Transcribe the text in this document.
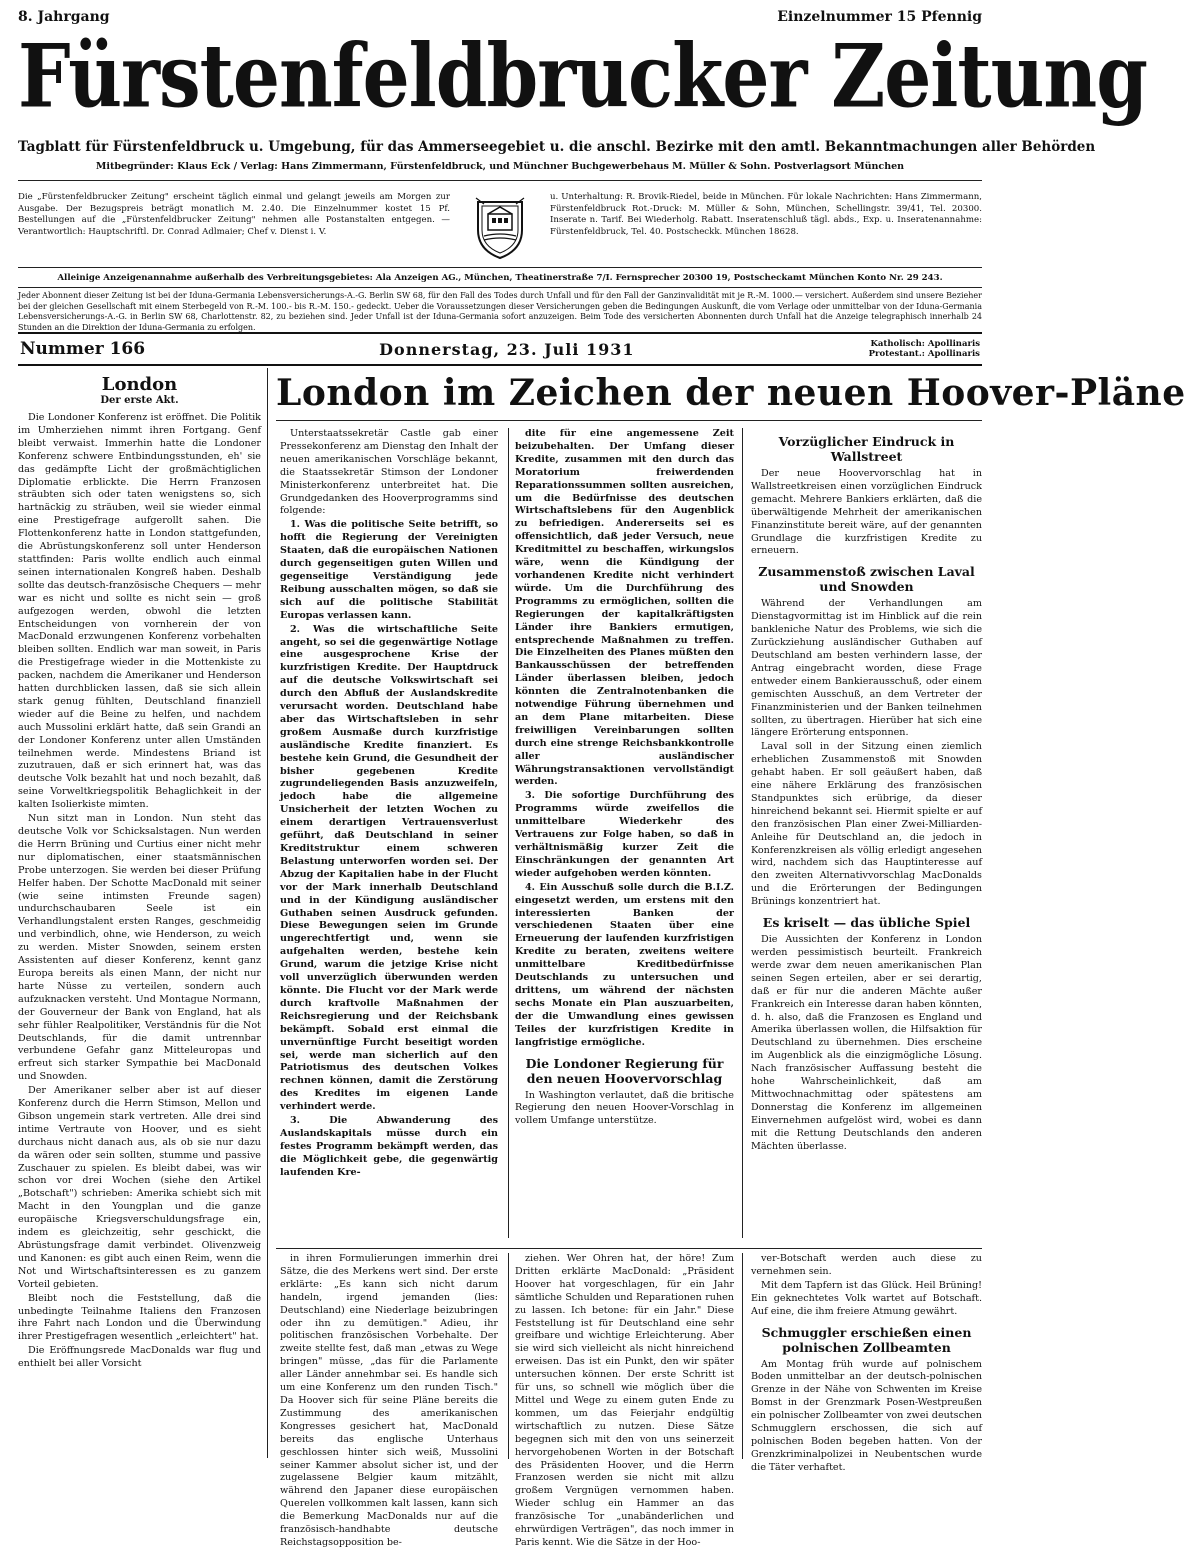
8. Jahrgang	Einzelnummer 15 Pfennig
Fürstenfeldbrucker Zeitung
Tagblatt für Fürstenfeldbruck u. Umgebung, für das Ammerseegebiet u. die anschl. Bezirke mit den amtl. Bekanntmachungen aller Behörden
Mitbegründer: Klaus Eck / Verlag: Hans Zimmermann, Fürstenfeldbruck, und Münchner Buchgewerbehaus M. Müller & Sohn. Postverlagsort München
Die „Fürstenfeldbrucker Zeitung" erscheint täglich einmal und gelangt jeweils am Morgen zur Ausgabe. Der Bezugspreis beträgt monatlich M. 2.40. Die Einzelnummer kostet 15 Pf. Bestellungen auf die „Fürstenfeldbrucker Zeitung" nehmen alle Postanstalten entgegen. — Verantwortlich: Hauptschriftl. Dr. Conrad Adlmaier; Chef v. Dienst i. V.
u. Unterhaltung: R. Brovik-Riedel, beide in München. Für lokale Nachrichten: Hans Zimmermann, Fürstenfeldbruck Rot.-Druck: M. Müller & Sohn, München, Schellingstr. 39/41, Tel. 20300. Inserate n. Tarif. Bei Wiederholg. Rabatt. Inseratenschluß tägl. abds., Exp. u. Inseratenannahme: Fürstenfeldbruck, Tel. 40. Postscheckk. München 18628.
Alleinige Anzeigenannahme außerhalb des Verbreitungsgebietes: Ala Anzeigen AG., München, Theatinerstraße 7/I. Fernsprecher 20300 19, Postscheckamt München Konto Nr. 29 243.
Jeder Abonnent dieser Zeitung ist bei der Iduna-Germania Lebensversicherungs-A.-G. Berlin SW 68, für den Fall des Todes durch Unfall und für den Fall der Ganzinvalidität mit je R.-M. 1000.— versichert. Außerdem sind unsere Bezieher bei der gleichen Gesellschaft mit einem Sterbegeld von R.-M. 100.- bis R.-M. 150.- gedeckt. Ueber die Voraussetzungen dieser Versicherungen geben die Bedingungen Auskunft, die vom Verlage oder unmittelbar von der Iduna-Germania Lebensversicherungs-A.-G. in Berlin SW 68, Charlottenstr. 82, zu beziehen sind. Jeder Unfall ist der Iduna-Germania sofort anzuzeigen. Beim Tode des versicherten Abonnenten durch Unfall hat die Anzeige telegraphisch innerhalb 24 Stunden an die Direktion der Iduna-Germania zu erfolgen.
Nummer 166	Donnerstag, 23. Juli 1931	Katholisch: Apollinaris
Protestant.: Apollinaris
London
Der erste Akt.

Die Londoner Konferenz ist eröffnet. Die Politik im Umherziehen nimmt ihren Fortgang. Genf bleibt verwaist. Immerhin hatte die Londoner Konferenz schwere Entbindungsstunden, eh' sie das gedämpfte Licht der großmächtiglichen Diplomatie erblickte. Die Herrn Franzosen sträubten sich oder taten wenigstens so, sich hartnäckig zu sträuben, weil sie wieder einmal eine Prestigefrage aufgerollt sahen. Die Flottenkonferenz hatte in London stattgefunden, die Abrüstungskonferenz soll unter Henderson stattfinden: Paris wollte endlich auch einmal seinen internationalen Kongreß haben. Deshalb sollte das deutsch-französische Chequers — mehr war es nicht und sollte es nicht sein — groß aufgezogen werden, obwohl die letzten Entscheidungen von vornherein der von MacDonald erzwungenen Konferenz vorbehalten bleiben sollten. Endlich war man soweit, in Paris die Prestigefrage wieder in die Mottenkiste zu packen, nachdem die Amerikaner und Henderson hatten durchblicken lassen, daß sie sich allein stark genug fühlten, Deutschland finanziell wieder auf die Beine zu helfen, und nachdem auch Mussolini erklärt hatte, daß sein Grandi an der Londoner Konferenz unter allen Umständen teilnehmen werde. Mindestens Briand ist zuzutrauen, daß er sich erinnert hat, was das deutsche Volk bezahlt hat und noch bezahlt, daß seine Vorweltkriegspolitik Behaglichkeit in der kalten Isolierkiste mimten.

Nun sitzt man in London. Nun steht das deutsche Volk vor Schicksalstagen. Nun werden die Herrn Brüning und Curtius einer nicht mehr nur diplomatischen, einer staatsmännischen Probe unterzogen. Sie werden bei dieser Prüfung Helfer haben. Der Schotte MacDonald mit seiner (wie seine intimsten Freunde sagen) undurchschaubaren Seele ist ein Verhandlungstalent ersten Ranges, geschmeidig und verbindlich, ohne, wie Henderson, zu weich zu werden. Mister Snowden, seinem ersten Assistenten auf dieser Konferenz, kennt ganz Europa bereits als einen Mann, der nicht nur harte Nüsse zu verteilen, sondern auch aufzuknacken versteht. Und Montague Normann, der Gouverneur der Bank von England, hat als sehr fühler Realpolitiker, Verständnis für die Not Deutschlands, für die damit untrennbar verbundene Gefahr ganz Mitteleuropas und erfreut sich starker Sympathie bei MacDonald und Snowden.

Der Amerikaner selber aber ist auf dieser Konferenz durch die Herrn Stimson, Mellon und Gibson ungemein stark vertreten. Alle drei sind intime Vertraute von Hoover, und es sieht durchaus nicht danach aus, als ob sie nur dazu da wären oder sein sollten, stumme und passive Zuschauer zu spielen. Es bleibt dabei, was wir schon vor drei Wochen (siehe den Artikel „Botschaft") schrieben: Amerika schiebt sich mit Macht in den Youngplan und die ganze europäische Kriegsverschuldungsfrage ein, indem es gleichzeitig, sehr geschickt, die Abrüstungsfrage damit verbindet. Olivenzweig und Kanonen: es gibt auch einen Reim, wenn die Not und Wirtschaftsinteressen es zu ganzem Vorteil gebieten.

Bleibt noch die Feststellung, daß die unbedingte Teilnahme Italiens den Franzosen ihre Fahrt nach London und die Überwindung ihrer Prestigefragen wesentlich „erleichtert" hat.

Die Eröffnungsrede MacDonalds war flug und enthielt bei aller Vorsicht

London im Zeichen der neuen Hoover-Pläne

Unterstaatssekretär Castle gab einer Pressekonferenz am Dienstag den Inhalt der neuen amerikanischen Vorschläge bekannt, die Staatssekretär Stimson der Londoner Ministerkonferenz unterbreitet hat. Die Grundgedanken des Hooverprogramms sind folgende:

1. Was die politische Seite betrifft, so hofft die Regierung der Vereinigten Staaten, daß die europäischen Nationen durch gegenseitigen guten Willen und gegenseitige Verständigung jede Reibung ausschalten mögen, so daß sie sich auf die politische Stabilität Europas verlassen kann.

2. Was die wirtschaftliche Seite angeht, so sei die gegenwärtige Notlage eine ausgesprochene Krise der kurzfristigen Kredite. Der Hauptdruck auf die deutsche Volkswirtschaft sei durch den Abfluß der Auslandskredite verursacht worden. Deutschland habe aber das Wirtschaftsleben in sehr großem Ausmaße durch kurzfristige ausländische Kredite finanziert. Es bestehe kein Grund, die Gesundheit der bisher gegebenen Kredite zugrundeliegenden Basis anzuzweifeln, jedoch habe die allgemeine Unsicherheit der letzten Wochen zu einem derartigen Vertrauensverlust geführt, daß Deutschland in seiner Kreditstruktur einem schweren Belastung unterworfen worden sei. Der Abzug der Kapitalien habe in der Flucht vor der Mark innerhalb Deutschland und in der Kündigung ausländischer Guthaben seinen Ausdruck gefunden. Diese Bewegungen seien im Grunde ungerechtfertigt und, wenn sie aufgehalten werden, bestehe kein Grund, warum die jetzige Krise nicht voll unverzüglich überwunden werden könnte. Die Flucht vor der Mark werde durch kraftvolle Maßnahmen der Reichsregierung und der Reichsbank bekämpft. Sobald erst einmal die unvernünftige Furcht beseitigt worden sei, werde man sicherlich auf den Patriotismus des deutschen Volkes rechnen können, damit die Zerstörung des Kredites im eigenen Lande verhindert werde.

3. Die Abwanderung des Auslandskapitals müsse durch ein festes Programm bekämpft werden, das die Möglichkeit gebe, die gegenwärtig laufenden Kre-

dite für eine angemessene Zeit beizubehalten. Der Umfang dieser Kredite, zusammen mit den durch das Moratorium freiwerdenden Reparationssummen sollten ausreichen, um die Bedürfnisse des deutschen Wirtschaftslebens für den Augenblick zu befriedigen. Andererseits sei es offensichtlich, daß jeder Versuch, neue Kreditmittel zu beschaffen, wirkungslos wäre, wenn die Kündigung der vorhandenen Kredite nicht verhindert würde. Um die Durchführung des Programms zu ermöglichen, sollten die Regierungen der kapitalkräftigsten Länder ihre Bankiers ermutigen, entsprechende Maßnahmen zu treffen. Die Einzelheiten des Planes müßten den Bankausschüssen der betreffenden Länder überlassen bleiben, jedoch könnten die Zentralnotenbanken die notwendige Führung übernehmen und an dem Plane mitarbeiten. Diese freiwilligen Vereinbarungen sollten durch eine strenge Reichsbankkontrolle aller ausländischer Währungstransaktionen vervollständigt werden.

3. Die sofortige Durchführung des Programms würde zweifellos die unmittelbare Wiederkehr des Vertrauens zur Folge haben, so daß in verhältnismäßig kurzer Zeit die Einschränkungen der genannten Art wieder aufgehoben werden könnten.

4. Ein Ausschuß solle durch die B.I.Z. eingesetzt werden, um erstens mit den interessierten Banken der verschiedenen Staaten über eine Erneuerung der laufenden kurzfristigen Kredite zu beraten, zweitens weitere unmittelbare Kreditbedürfnisse Deutschlands zu untersuchen und drittens, um während der nächsten sechs Monate ein Plan auszuarbeiten, der die Umwandlung eines gewissen Teiles der kurzfristigen Kredite in langfristige ermögliche.

Die Londoner Regierung für den neuen Hoovervorschlag

In Washington verlautet, daß die britische Regierung den neuen Hoover-Vorschlag in vollem Umfange unterstütze.

Vorzüglicher Eindruck in Wallstreet

Der neue Hoovervorschlag hat in Wallstreetkreisen einen vorzüglichen Eindruck gemacht. Mehrere Bankiers erklärten, daß die überwältigende Mehrheit der amerikanischen Finanzinstitute bereit wäre, auf der genannten Grundlage die kurzfristigen Kredite zu erneuern.

Zusammenstoß zwischen Laval und Snowden

Während der Verhandlungen am Dienstagvormittag ist im Hinblick auf die rein bankleniche Natur des Problems, wie sich die Zurückziehung ausländischer Guthaben auf Deutschland am besten verhindern lasse, der Antrag eingebracht worden, diese Frage entweder einem Bankierausschuß, oder einem gemischten Ausschuß, an dem Vertreter der Finanzministerien und der Banken teilnehmen sollten, zu übertragen. Hierüber hat sich eine längere Erörterung entsponnen.

Laval soll in der Sitzung einen ziemlich erheblichen Zusammenstoß mit Snowden gehabt haben. Er soll geäußert haben, daß eine nähere Erklärung des französischen Standpunktes sich erübrige, da dieser hinreichend bekannt sei. Hiermit spielte er auf den französischen Plan einer Zwei-Milliarden-Anleihe für Deutschland an, die jedoch in Konferenzkreisen als völlig erledigt angesehen wird, nachdem sich das Hauptinteresse auf den zweiten Alternativvorschlag MacDonalds und die Erörterungen der Bedingungen Brünings konzentriert hat.

Es kriselt — das übliche Spiel

Die Aussichten der Konferenz in London werden pessimistisch beurteilt. Frankreich werde zwar dem neuen amerikanischen Plan seinen Segen erteilen, aber er sei derartig, daß er für nur die anderen Mächte außer Frankreich ein Interesse daran haben könnten, d. h. also, daß die Franzosen es England und Amerika überlassen wollen, die Hilfsaktion für Deutschland zu übernehmen. Dies erscheine im Augenblick als die einzigmögliche Lösung. Nach französischer Auffassung besteht die hohe Wahrscheinlichkeit, daß am Mittwochnachmittag oder spätestens am Donnerstag die Konferenz im allgemeinen Einvernehmen aufgelöst wird, wobei es dann mit die Rettung Deutschlands den anderen Mächten überlasse.

in ihren Formulierungen immerhin drei Sätze, die des Merkens wert sind. Der erste erklärte: „Es kann sich nicht darum handeln, irgend jemanden (lies: Deutschland) eine Niederlage beizubringen oder ihn zu demütigen." Adieu, ihr politischen französischen Vorbehalte. Der zweite stellte fest, daß man „etwas zu Wege bringen" müsse, „das für die Parlamente aller Länder annehmbar sei. Es handle sich um eine Konferenz um den runden Tisch." Da Hoover sich für seine Pläne bereits die Zustimmung des amerikanischen Kongresses gesichert hat, MacDonald bereits das englische Unterhaus geschlossen hinter sich weiß, Mussolini seiner Kammer absolut sicher ist, und der zugelassene Belgier kaum mitzählt, während den Japaner diese europäischen Querelen vollkommen kalt lassen, kann sich die Bemerkung MacDonalds nur auf die französisch-handhabte deutsche Reichstagsopposition be-

ziehen. Wer Ohren hat, der höre! Zum Dritten erklärte MacDonald: „Präsident Hoover hat vorgeschlagen, für ein Jahr sämtliche Schulden und Reparationen ruhen zu lassen. Ich betone: für ein Jahr." Diese Feststellung ist für Deutschland eine sehr greifbare und wichtige Erleichterung. Aber sie wird sich vielleicht als nicht hinreichend erweisen. Das ist ein Punkt, den wir später untersuchen können. Der erste Schritt ist für uns, so schnell wie möglich über die Mittel und Wege zu einem guten Ende zu kommen, um das Feierjahr endgültig wirtschaftlich zu nutzen. Diese Sätze begegnen sich mit den von uns seinerzeit hervorgehobenen Worten in der Botschaft des Präsidenten Hoover, und die Herrn Franzosen werden sie nicht mit allzu großem Vergnügen vernommen haben. Wieder schlug ein Hammer an das französische Tor „unabänderlichen und ehrwürdigen Verträgen", das noch immer in Paris kennt. Wie die Sätze in der Hoo-

ver-Botschaft werden auch diese zu vernehmen sein.

Mit dem Tapfern ist das Glück. Heil Brüning! Ein geknechtetes Volk wartet auf Botschaft. Auf eine, die ihm freiere Atmung gewährt.

Schmuggler erschießen einen polnischen Zollbeamten

Am Montag früh wurde auf polnischem Boden unmittelbar an der deutsch-polnischen Grenze in der Nähe von Schwenten im Kreise Bomst in der Grenzmark Posen-Westpreußen ein polnischer Zollbeamter von zwei deutschen Schmugglern erschossen, die sich auf polnischen Boden begeben hatten. Von der Grenzkriminalpolizei in Neubentschen wurde die Täter verhaftet.
